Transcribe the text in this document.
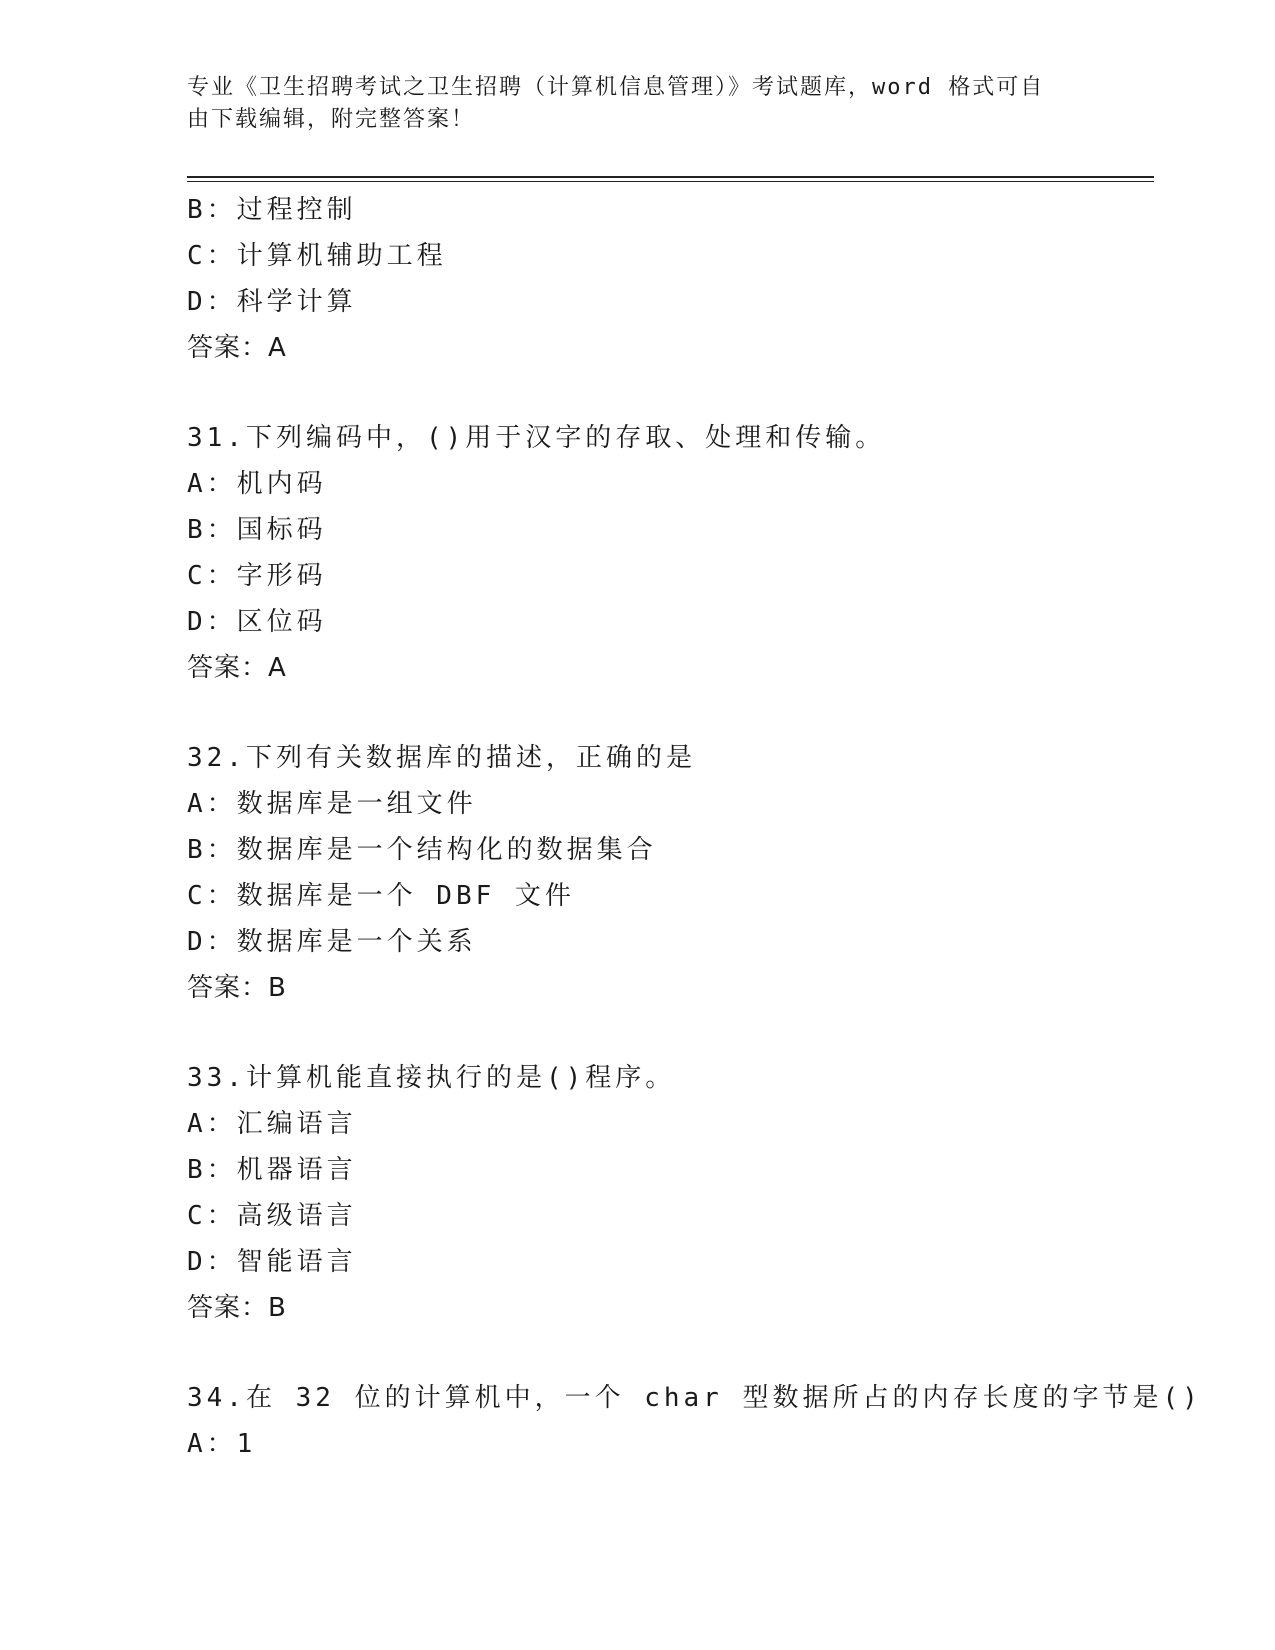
专业《卫生招聘考试之卫生招聘（计算机信息管理）》考试题库，word 格式可自
由下载编辑，附完整答案！
B：过程控制
C：计算机辅助工程
D：科学计算
答案：A
31.下列编码中，()用于汉字的存取、处理和传输。
A：机内码
B：国标码
C：字形码
D：区位码
答案：A
32.下列有关数据库的描述，正确的是
A：数据库是一组文件
B：数据库是一个结构化的数据集合
C：数据库是一个 DBF 文件
D：数据库是一个关系
答案：B
33.计算机能直接执行的是()程序。
A：汇编语言
B：机器语言
C：高级语言
D：智能语言
答案：B
34.在 32 位的计算机中，一个 char 型数据所占的内存长度的字节是()
A：1
